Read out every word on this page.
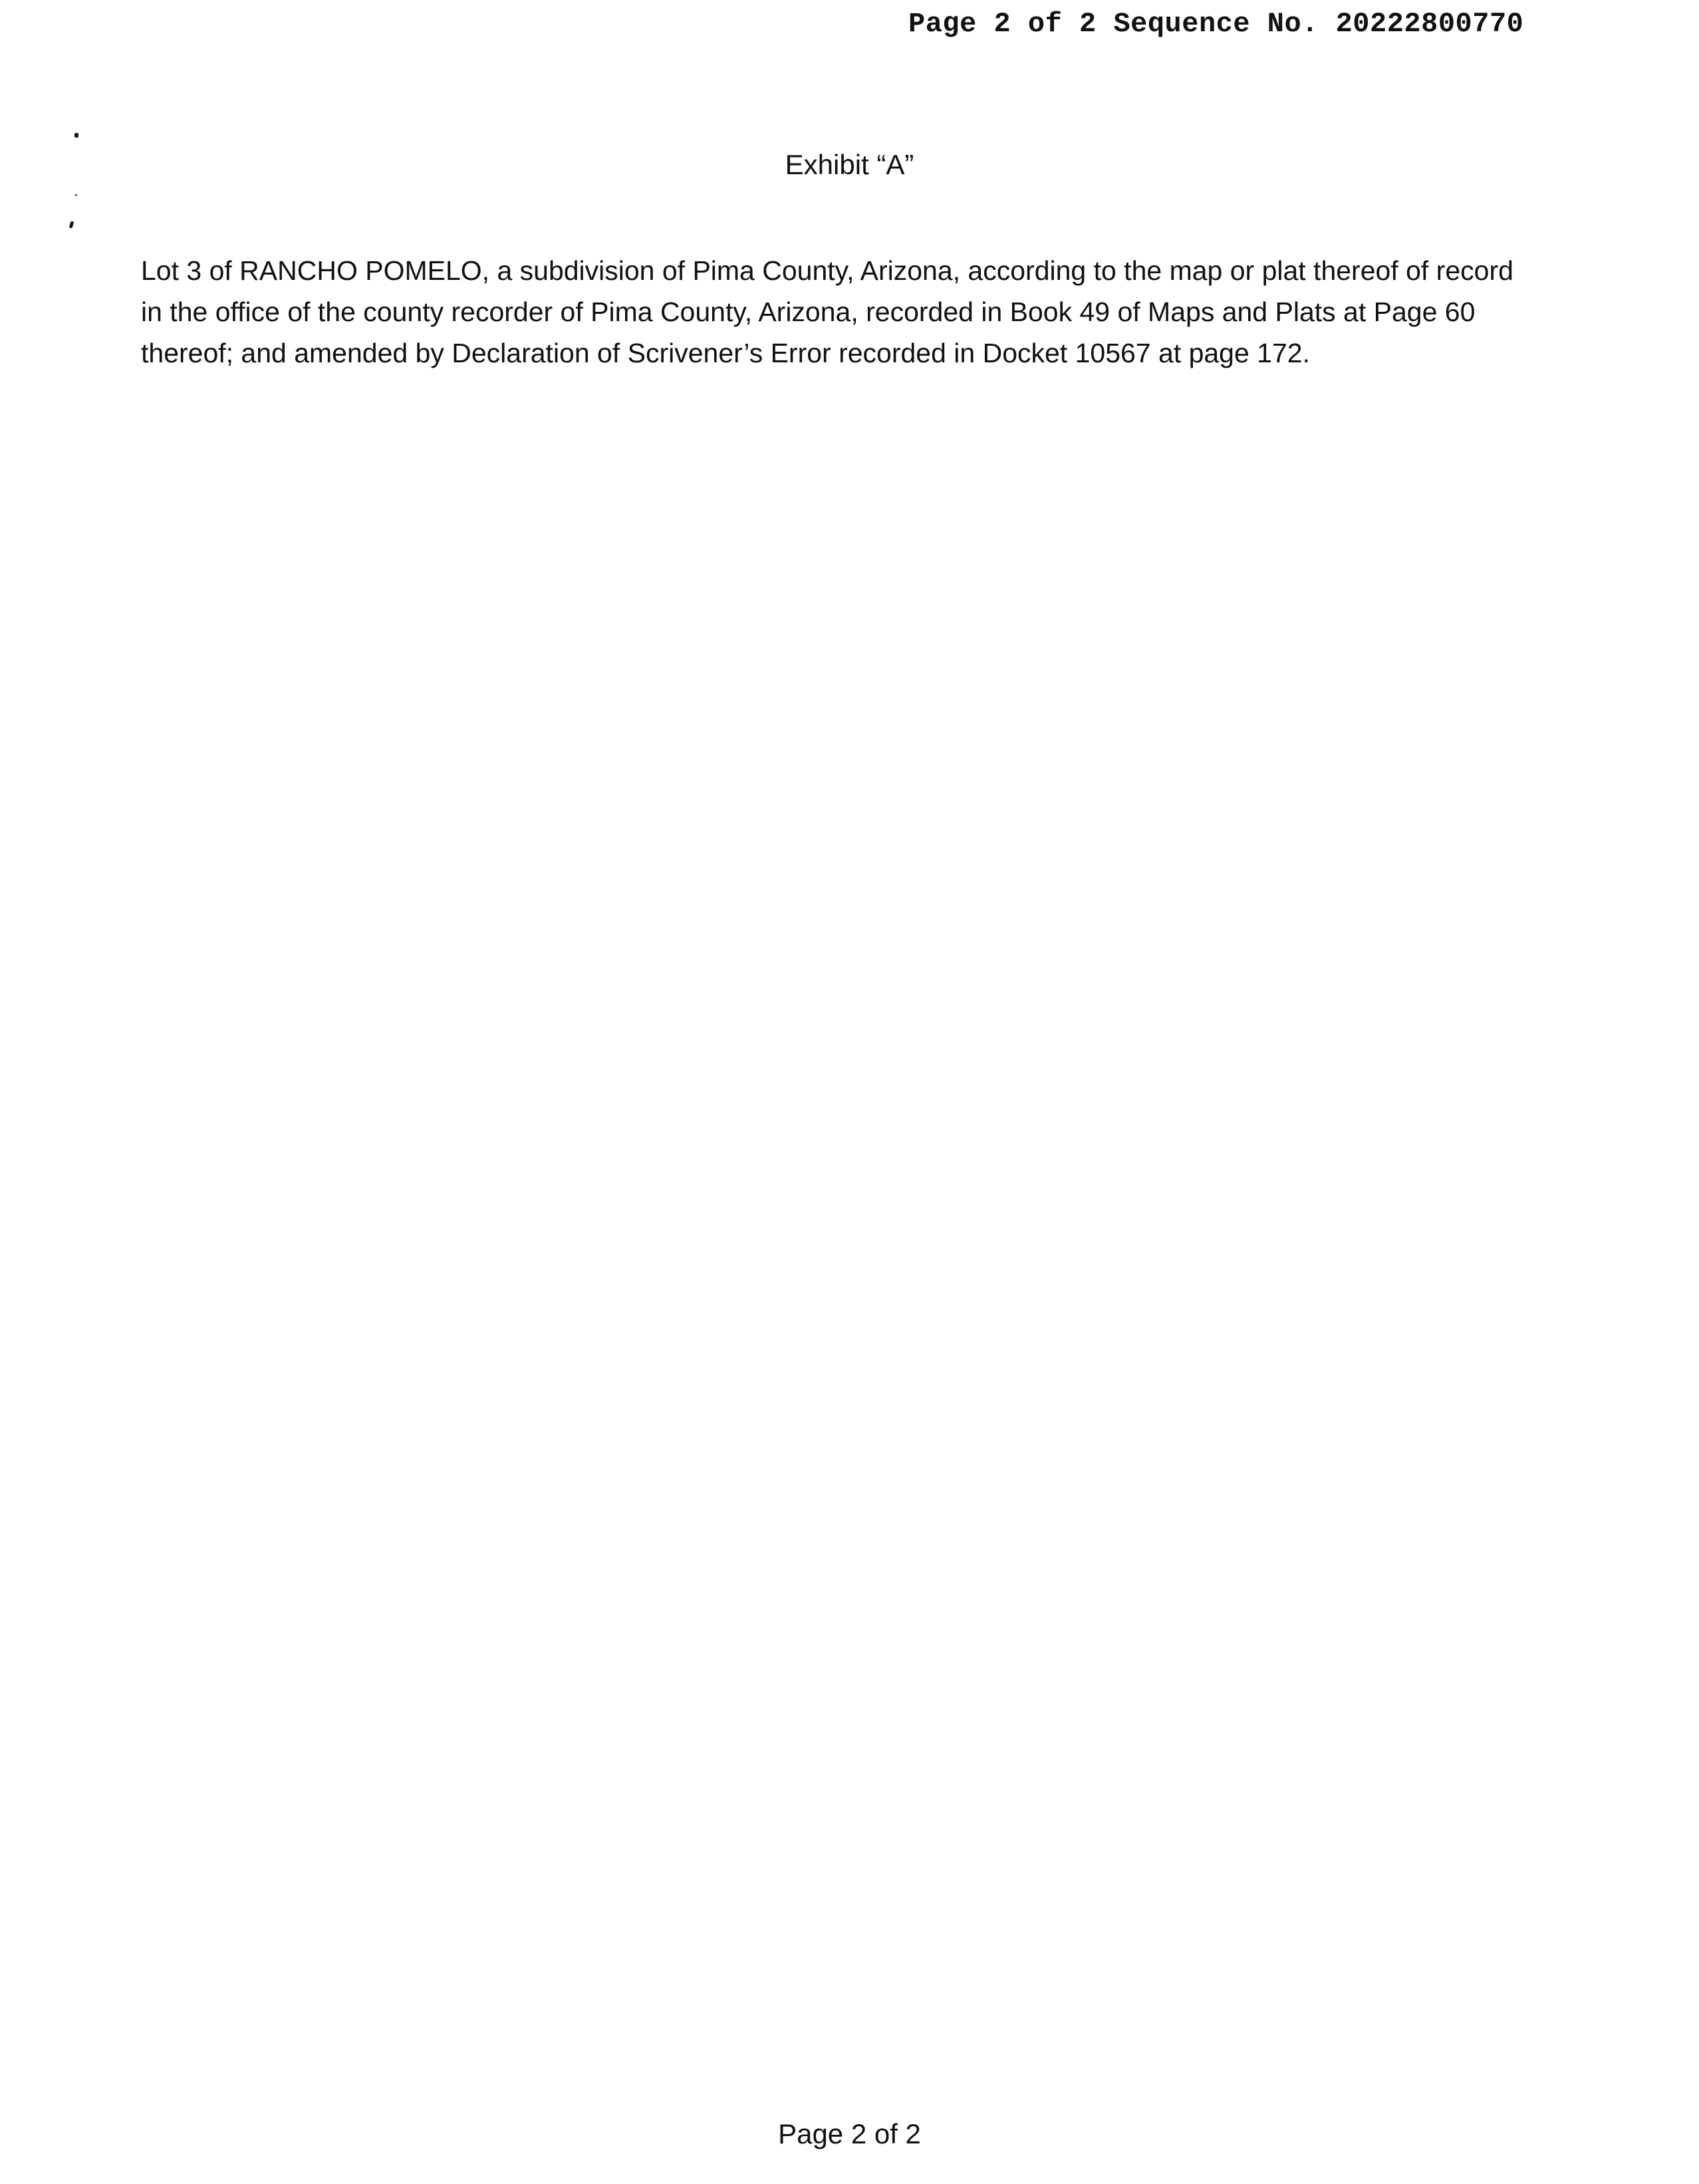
Page 2 of 2 Sequence No. 20222800770
Exhibit “A”
Lot 3 of RANCHO POMELO, a subdivision of Pima County, Arizona, according to the map or plat thereof of record
in the office of the county recorder of Pima County, Arizona, recorded in Book 49 of Maps and Plats at Page 60
thereof; and amended by Declaration of Scrivener’s Error recorded in Docket 10567 at page 172.
Page 2 of 2
